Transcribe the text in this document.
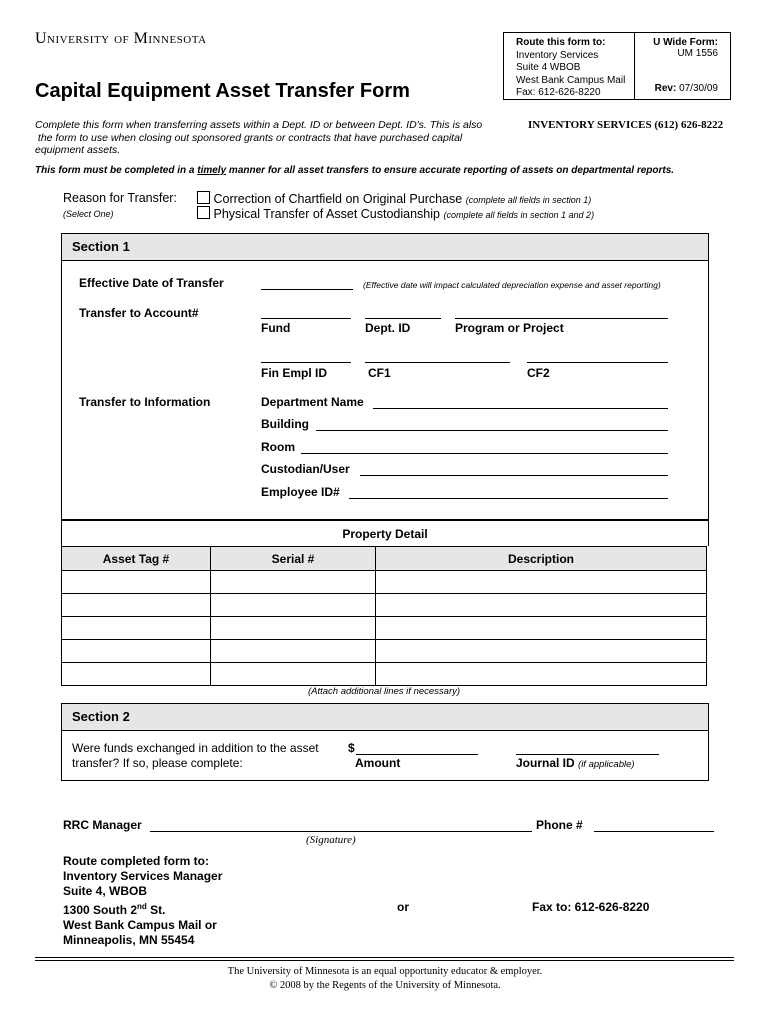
University of Minnesota
Capital Equipment Asset Transfer Form
Route this form to:
Inventory Services
Suite 4 WBOB
West Bank Campus Mail
Fax: 612-626-8220
U Wide Form:
UM 1556
Rev: 07/30/09
Complete this form when transferring assets within a Dept. ID or between Dept. ID's. This is also
the form to use when closing out sponsored grants or contracts that have purchased capital
equipment assets.
INVENTORY SERVICES (612) 626-8222
This form must be completed in a timely manner for all asset transfers to ensure accurate reporting of assets on departmental reports.
Reason for Transfer:
(Select One)
Correction of Chartfield on Original Purchase (complete all fields in section 1)
Physical Transfer of Asset Custodianship (complete all fields in section 1 and 2)
Section 1
Effective Date of Transfer	(Effective date will impact calculated depreciation expense and asset reporting)
Transfer to Account#
Fund	Dept. ID	Program or Project
Fin Empl ID	CF1	CF2
Transfer to Information	Department Name
Building
Room
Custodian/User
Employee ID#
Property Detail
Asset Tag #	Serial #	Description

(Attach additional lines if necessary)
Section 2
Were funds exchanged in addition to the asset
transfer? If so, please complete:
$
Amount	Journal ID (if applicable)
RRC Manager
(Signature)
Phone #
Route completed form to:
Inventory Services Manager
Suite 4, WBOB
1300 South 2nd St.
West Bank Campus Mail or
Minneapolis, MN 55454
or	Fax to: 612-626-8220
The University of Minnesota is an equal opportunity educator & employer.
© 2008 by the Regents of the University of Minnesota.
